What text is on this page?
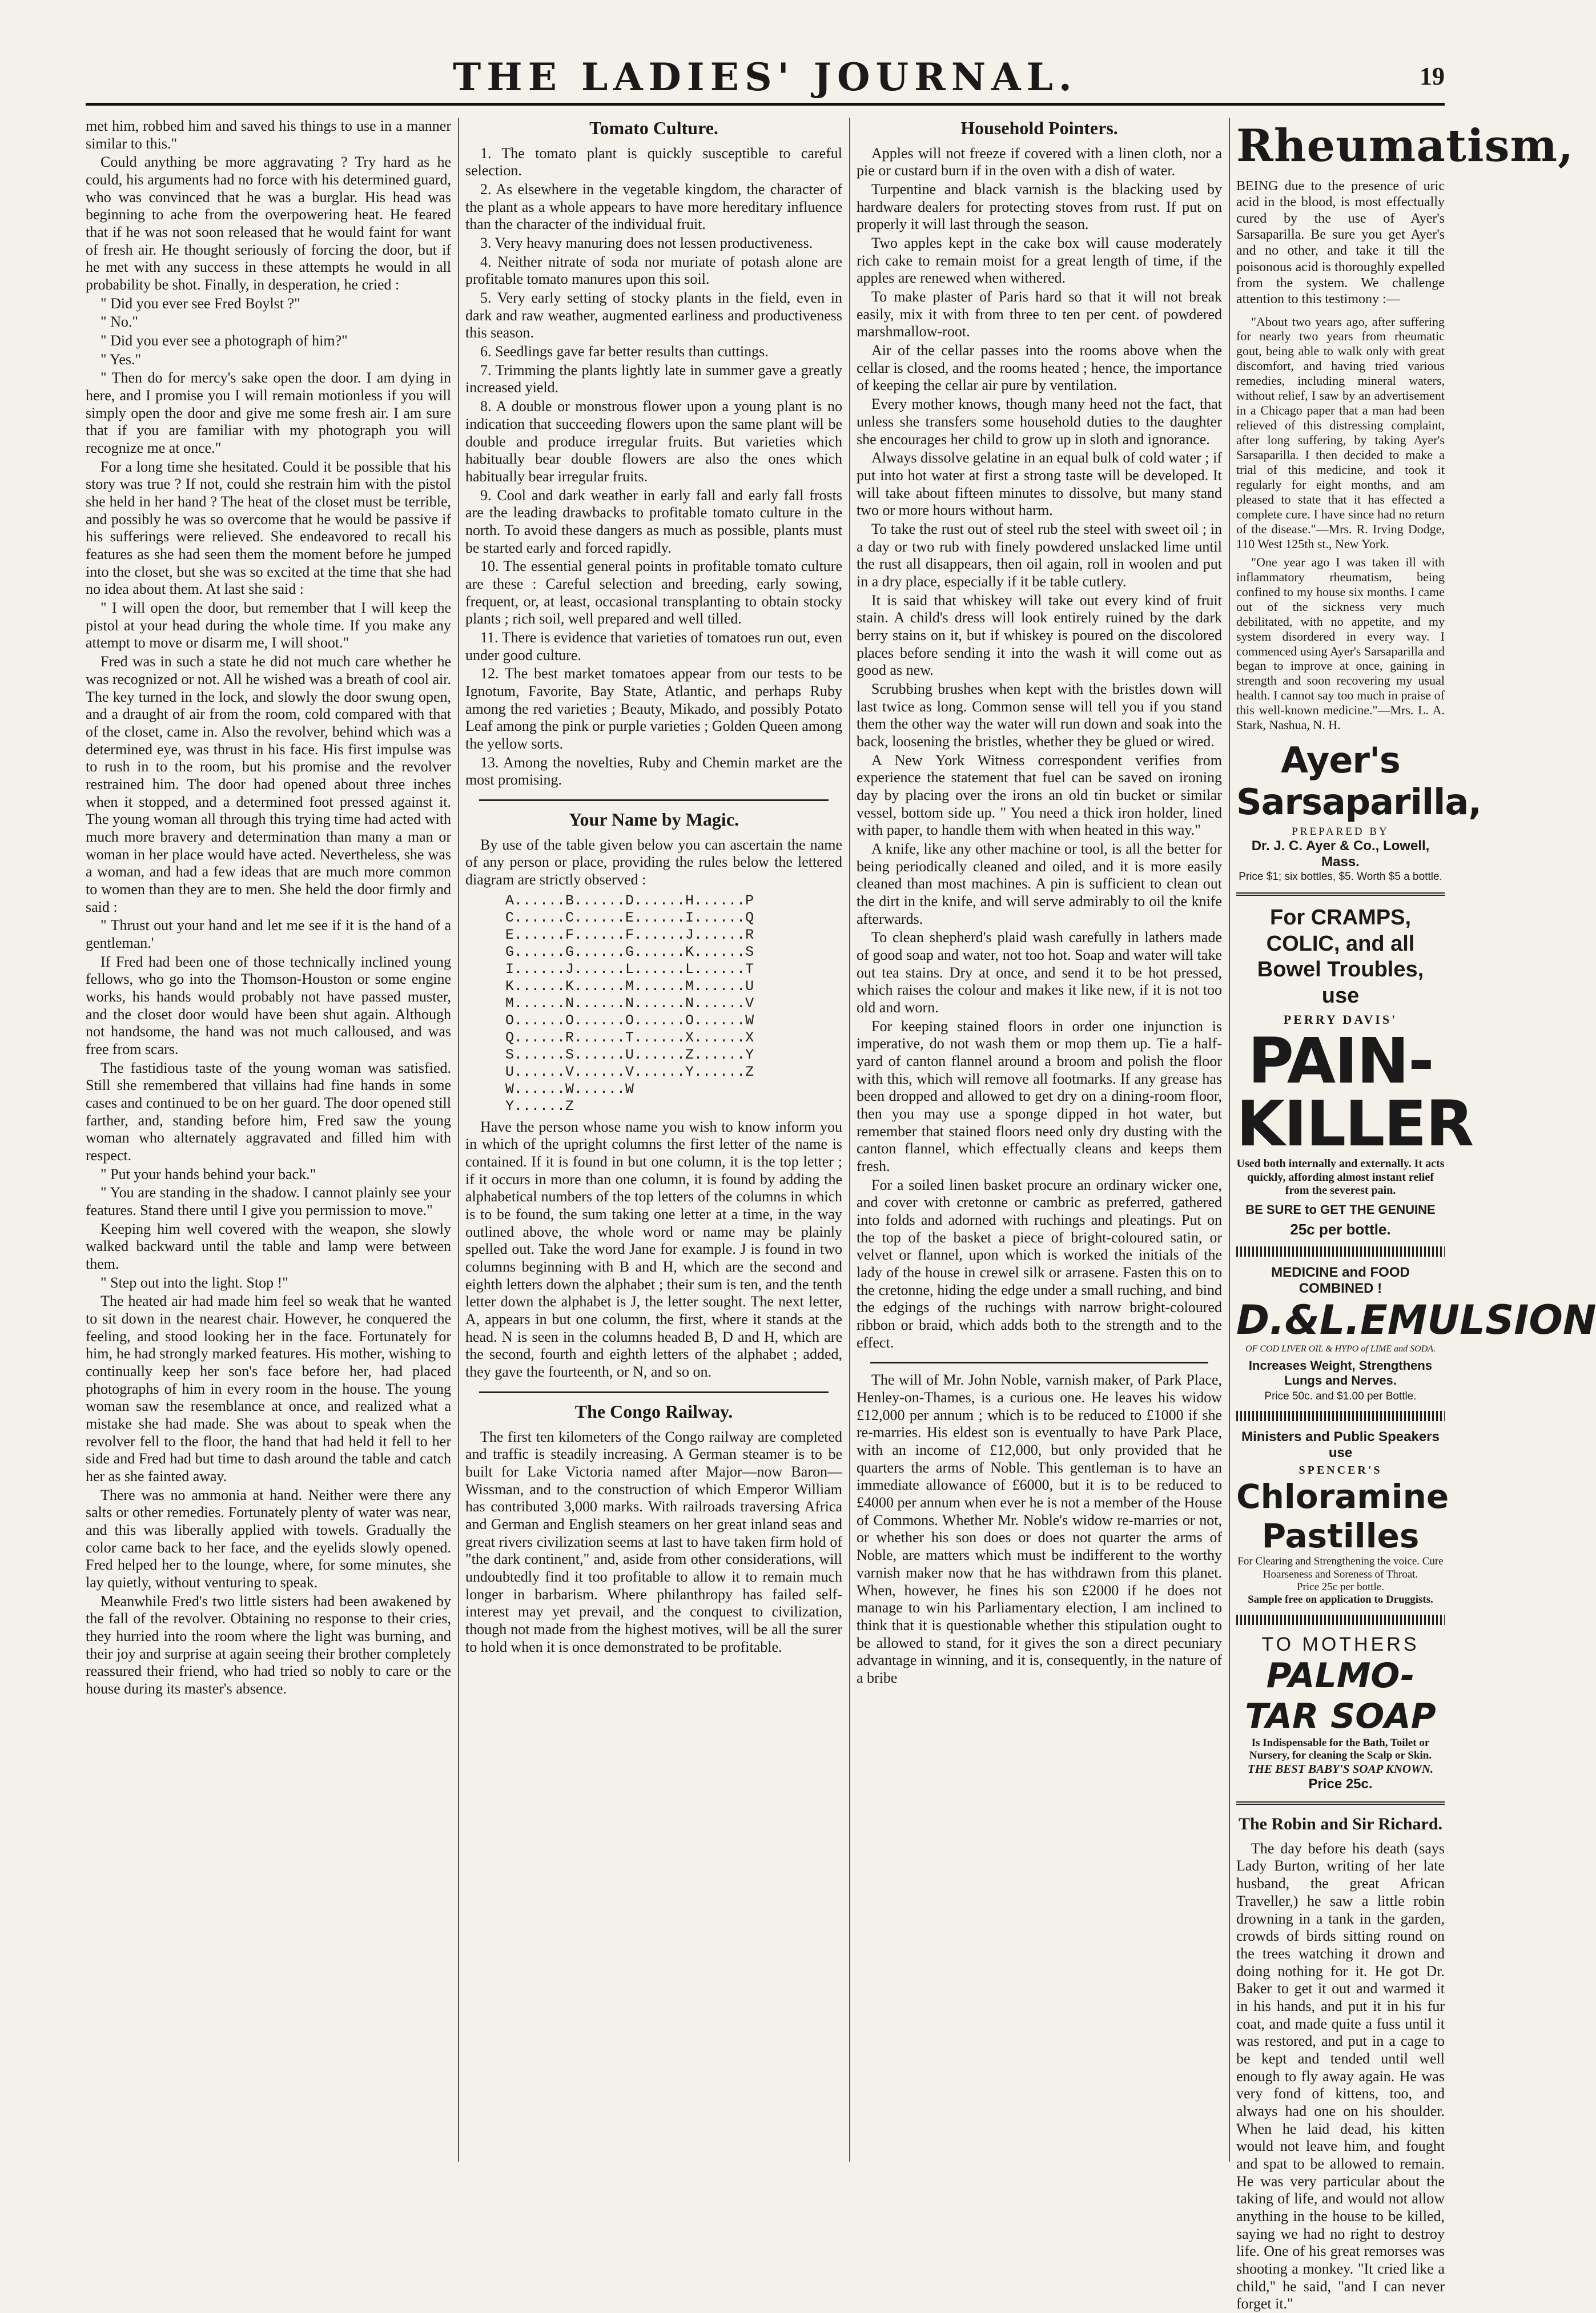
THE LADIES' JOURNAL.	19

met him, robbed him and saved his things to use in a manner similar to this."

Could anything be more aggravating ? Try hard as he could, his arguments had no force with his determined guard, who was convinced that he was a burglar. His head was beginning to ache from the overpowering heat. He feared that if he was not soon released that he would faint for want of fresh air. He thought seriously of forcing the door, but if he met with any success in these attempts he would in all probability be shot. Finally, in desperation, he cried :

" Did you ever see Fred Boylst ?"

" No."

" Did you ever see a photograph of him?"

" Yes."

" Then do for mercy's sake open the door. I am dying in here, and I promise you I will remain motionless if you will simply open the door and give me some fresh air. I am sure that if you are familiar with my photograph you will recognize me at once."

For a long time she hesitated. Could it be possible that his story was true ? If not, could she restrain him with the pistol she held in her hand ? The heat of the closet must be terrible, and possibly he was so overcome that he would be passive if his sufferings were relieved. She endeavored to recall his features as she had seen them the moment before he jumped into the closet, but she was so excited at the time that she had no idea about them. At last she said :

" I will open the door, but remember that I will keep the pistol at your head during the whole time. If you make any attempt to move or disarm me, I will shoot."

Fred was in such a state he did not much care whether he was recognized or not. All he wished was a breath of cool air. The key turned in the lock, and slowly the door swung open, and a draught of air from the room, cold compared with that of the closet, came in. Also the revolver, behind which was a determined eye, was thrust in his face. His first impulse was to rush in to the room, but his promise and the revolver restrained him. The door had opened about three inches when it stopped, and a determined foot pressed against it. The young woman all through this trying time had acted with much more bravery and determination than many a man or woman in her place would have acted. Nevertheless, she was a woman, and had a few ideas that are much more common to women than they are to men. She held the door firmly and said :

" Thrust out your hand and let me see if it is the hand of a gentleman.'

If Fred had been one of those technically inclined young fellows, who go into the Thomson-Houston or some engine works, his hands would probably not have passed muster, and the closet door would have been shut again. Although not handsome, the hand was not much calloused, and was free from scars.

The fastidious taste of the young woman was satisfied. Still she remembered that villains had fine hands in some cases and continued to be on her guard. The door opened still farther, and, standing before him, Fred saw the young woman who alternately aggravated and filled him with respect.

" Put your hands behind your back."

" You are standing in the shadow. I cannot plainly see your features. Stand there until I give you permission to move."

Keeping him well covered with the weapon, she slowly walked backward until the table and lamp were between them.

" Step out into the light. Stop !"

The heated air had made him feel so weak that he wanted to sit down in the nearest chair. However, he conquered the feeling, and stood looking her in the face. Fortunately for him, he had strongly marked features. His mother, wishing to continually keep her son's face before her, had placed photographs of him in every room in the house. The young woman saw the resemblance at once, and realized what a mistake she had made. She was about to speak when the revolver fell to the floor, the hand that had held it fell to her side and Fred had but time to dash around the table and catch her as she fainted away.

There was no ammonia at hand. Neither were there any salts or other remedies. Fortunately plenty of water was near, and this was liberally applied with towels. Gradually the color came back to her face, and the eyelids slowly opened. Fred helped her to the lounge, where, for some minutes, she lay quietly, without venturing to speak.

Meanwhile Fred's two little sisters had been awakened by the fall of the revolver. Obtaining no response to their cries, they hurried into the room where the light was burning, and their joy and surprise at again seeing their brother completely reassured their friend, who had tried so nobly to care or the house during its master's absence.

Tomato Culture.

1. The tomato plant is quickly susceptible to careful selection.

2. As elsewhere in the vegetable kingdom, the character of the plant as a whole appears to have more hereditary influence than the character of the individual fruit.

3. Very heavy manuring does not lessen productiveness.

4. Neither nitrate of soda nor muriate of potash alone are profitable tomato manures upon this soil.

5. Very early setting of stocky plants in the field, even in dark and raw weather, augmented earliness and productiveness this season.

6. Seedlings gave far better results than cuttings.

7. Trimming the plants lightly late in summer gave a greatly increased yield.

8. A double or monstrous flower upon a young plant is no indication that succeeding flowers upon the same plant will be double and produce irregular fruits. But varieties which habitually bear double flowers are also the ones which habitually bear irregular fruits.

9. Cool and dark weather in early fall and early fall frosts are the leading drawbacks to profitable tomato culture in the north. To avoid these dangers as much as possible, plants must be started early and forced rapidly.

10. The essential general points in profitable tomato culture are these : Careful selection and breeding, early sowing, frequent, or, at least, occasional transplanting to obtain stocky plants ; rich soil, well prepared and well tilled.

11. There is evidence that varieties of tomatoes run out, even under good culture.

12. The best market tomatoes appear from our tests to be Ignotum, Favorite, Bay State, Atlantic, and perhaps Ruby among the red varieties ; Beauty, Mikado, and possibly Potato Leaf among the pink or purple varieties ; Golden Queen among the yellow sorts.

13. Among the novelties, Ruby and Chemin market are the most promising.

Your Name by Magic.

By use of the table given below you can ascertain the name of any person or place, providing the rules below the lettered diagram are strictly observed :

A......B......D......H......P
C......C......E......I......Q
E......F......F......J......R
G......G......G......K......S
I......J......L......L......T
K......K......M......M......U
M......N......N......N......V
O......O......O......O......W
Q......R......T......X......X
S......S......U......Z......Y
U......V......V......Y......Z
W......W......W
Y......Z

Have the person whose name you wish to know inform you in which of the upright columns the first letter of the name is contained. If it is found in but one column, it is the top letter ; if it occurs in more than one column, it is found by adding the alphabetical numbers of the top letters of the columns in which is to be found, the sum taking one letter at a time, in the way outlined above, the whole word or name may be plainly spelled out. Take the word Jane for example. J is found in two columns beginning with B and H, which are the second and eighth letters down the alphabet ; their sum is ten, and the tenth letter down the alphabet is J, the letter sought. The next letter, A, appears in but one column, the first, where it stands at the head. N is seen in the columns headed B, D and H, which are the second, fourth and eighth letters of the alphabet ; added, they gave the fourteenth, or N, and so on.

The Congo Railway.

The first ten kilometers of the Congo railway are completed and traffic is steadily increasing. A German steamer is to be built for Lake Victoria named after Major—now Baron—Wissman, and to the construction of which Emperor William has contributed 3,000 marks. With railroads traversing Africa and German and English steamers on her great inland seas and great rivers civilization seems at last to have taken firm hold of "the dark continent," and, aside from other considerations, will undoubtedly find it too profitable to allow it to remain much longer in barbarism. Where philanthropy has failed self-interest may yet prevail, and the conquest to civilization, though not made from the highest motives, will be all the surer to hold when it is once demonstrated to be profitable.

Household Pointers.

Apples will not freeze if covered with a linen cloth, nor a pie or custard burn if in the oven with a dish of water.

Turpentine and black varnish is the blacking used by hardware dealers for protecting stoves from rust. If put on properly it will last through the season.

Two apples kept in the cake box will cause moderately rich cake to remain moist for a great length of time, if the apples are renewed when withered.

To make plaster of Paris hard so that it will not break easily, mix it with from three to ten per cent. of powdered marshmallow-root.

Air of the cellar passes into the rooms above when the cellar is closed, and the rooms heated ; hence, the importance of keeping the cellar air pure by ventilation.

Every mother knows, though many heed not the fact, that unless she transfers some household duties to the daughter she encourages her child to grow up in sloth and ignorance.

Always dissolve gelatine in an equal bulk of cold water ; if put into hot water at first a strong taste will be developed. It will take about fifteen minutes to dissolve, but many stand two or more hours without harm.

To take the rust out of steel rub the steel with sweet oil ; in a day or two rub with finely powdered unslacked lime until the rust all disappears, then oil again, roll in woolen and put in a dry place, especially if it be table cutlery.

It is said that whiskey will take out every kind of fruit stain. A child's dress will look entirely ruined by the dark berry stains on it, but if whiskey is poured on the discolored places before sending it into the wash it will come out as good as new.

Scrubbing brushes when kept with the bristles down will last twice as long. Common sense will tell you if you stand them the other way the water will run down and soak into the back, loosening the bristles, whether they be glued or wired.

A New York Witness correspondent verifies from experience the statement that fuel can be saved on ironing day by placing over the irons an old tin bucket or similar vessel, bottom side up. " You need a thick iron holder, lined with paper, to handle them with when heated in this way."

A knife, like any other machine or tool, is all the better for being periodically cleaned and oiled, and it is more easily cleaned than most machines. A pin is sufficient to clean out the dirt in the knife, and will serve admirably to oil the knife afterwards.

To clean shepherd's plaid wash carefully in lathers made of good soap and water, not too hot. Soap and water will take out tea stains. Dry at once, and send it to be hot pressed, which raises the colour and makes it like new, if it is not too old and worn.

For keeping stained floors in order one injunction is imperative, do not wash them or mop them up. Tie a half-yard of canton flannel around a broom and polish the floor with this, which will remove all footmarks. If any grease has been dropped and allowed to get dry on a dining-room floor, then you may use a sponge dipped in hot water, but remember that stained floors need only dry dusting with the canton flannel, which effectually cleans and keeps them fresh.

For a soiled linen basket procure an ordinary wicker one, and cover with cretonne or cambric as preferred, gathered into folds and adorned with ruchings and pleatings. Put on the top of the basket a piece of bright-coloured satin, or velvet or flannel, upon which is worked the initials of the lady of the house in crewel silk or arrasene. Fasten this on to the cretonne, hiding the edge under a small ruching, and bind the edgings of the ruchings with narrow bright-coloured ribbon or braid, which adds both to the strength and to the effect.

The will of Mr. John Noble, varnish maker, of Park Place, Henley-on-Thames, is a curious one. He leaves his widow £12,000 per annum ; which is to be reduced to £1000 if she re-marries. His eldest son is eventually to have Park Place, with an income of £12,000, but only provided that he quarters the arms of Noble. This gentleman is to have an immediate allowance of £6000, but it is to be reduced to £4000 per annum when ever he is not a member of the House of Commons. Whether Mr. Noble's widow re-marries or not, or whether his son does or does not quarter the arms of Noble, are matters which must be indifferent to the worthy varnish maker now that he has withdrawn from this planet. When, however, he fines his son £2000 if he does not manage to win his Parliamentary election, I am inclined to think that it is questionable whether this stipulation ought to be allowed to stand, for it gives the son a direct pecuniary advantage in winning, and it is, consequently, in the nature of a bribe

Rheumatism,

BEING due to the presence of uric acid in the blood, is most effectually cured by the use of Ayer's Sarsaparilla. Be sure you get Ayer's and no other, and take it till the poisonous acid is thoroughly expelled from the system. We challenge attention to this testimony :—

"About two years ago, after suffering for nearly two years from rheumatic gout, being able to walk only with great discomfort, and having tried various remedies, including mineral waters, without relief, I saw by an advertisement in a Chicago paper that a man had been relieved of this distressing complaint, after long suffering, by taking Ayer's Sarsaparilla. I then decided to make a trial of this medicine, and took it regularly for eight months, and am pleased to state that it has effected a complete cure. I have since had no return of the disease."—Mrs. R. Irving Dodge, 110 West 125th st., New York.

"One year ago I was taken ill with inflammatory rheumatism, being confined to my house six months. I came out of the sickness very much debilitated, with no appetite, and my system disordered in every way. I commenced using Ayer's Sarsaparilla and began to improve at once, gaining in strength and soon recovering my usual health. I cannot say too much in praise of this well-known medicine."—Mrs. L. A. Stark, Nashua, N. H.

Ayer's Sarsaparilla,
PREPARED BY
Dr. J. C. Ayer & Co., Lowell, Mass.
Price $1; six bottles, $5. Worth $5 a bottle.
For CRAMPS, COLIC, and all Bowel Troubles, use
PERRY DAVIS'
PAIN-KILLER
Used both internally and externally. It acts quickly, affording almost instant relief from the severest pain.
BE SURE to GET THE GENUINE
25c per bottle.
MEDICINE and FOOD COMBINED !
D.&L.EMULSION
OF COD LIVER OIL & HYPO of LIME and SODA.
Increases Weight, Strengthens Lungs and Nerves.
Price 50c. and $1.00 per Bottle.
Ministers and Public Speakers use
SPENCER'S
Chloramine Pastilles
For Clearing and Strengthening the voice. Cure Hoarseness and Soreness of Throat.
Price 25c per bottle.
Sample free on application to Druggists.
TO MOTHERS
PALMO-TAR SOAP
Is Indispensable for the Bath, Toilet or Nursery, for cleaning the Scalp or Skin.
THE BEST BABY'S SOAP KNOWN.
Price 25c.
The Robin and Sir Richard.

The day before his death (says Lady Burton, writing of her late husband, the great African Traveller,) he saw a little robin drowning in a tank in the garden, crowds of birds sitting round on the trees watching it drown and doing nothing for it. He got Dr. Baker to get it out and warmed it in his hands, and put it in his fur coat, and made quite a fuss until it was restored, and put in a cage to be kept and tended until well enough to fly away again. He was very fond of kittens, too, and always had one on his shoulder. When he laid dead, his kitten would not leave him, and fought and spat to be allowed to remain. He was very particular about the taking of life, and would not allow anything in the house to be killed, saying we had no right to destroy life. One of his great remorses was shooting a monkey. "It cried like a child," he said, "and I can never forget it."
